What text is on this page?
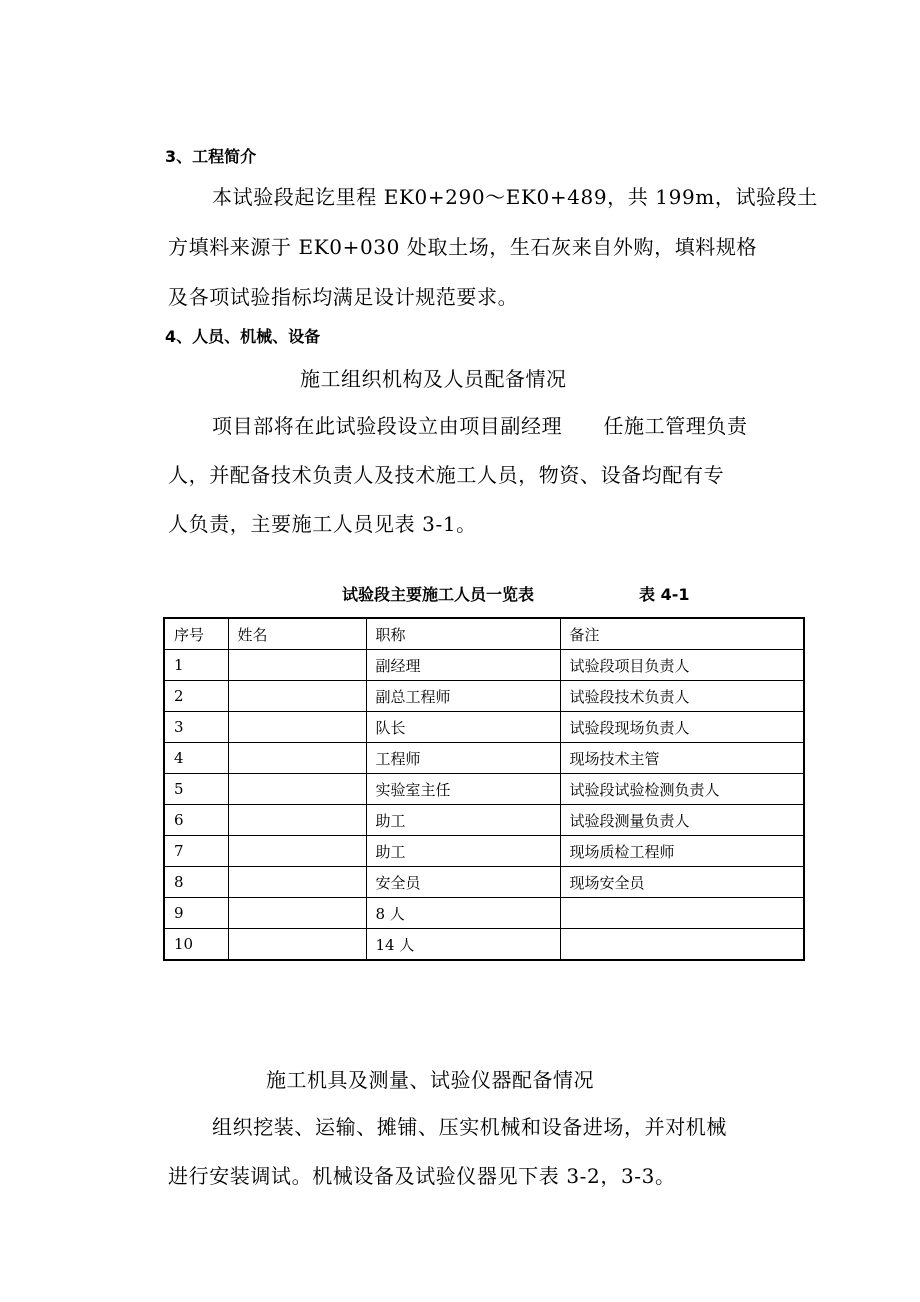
3、工程简介
本试验段起讫里程 EK0+290～EK0+489，共 199m，试验段土
方填料来源于 EK0+030 处取土场，生石灰来自外购，填料规格
及各项试验指标均满足设计规范要求。
4、人员、机械、设备
施工组织机构及人员配备情况
项目部将在此试验段设立由项目副经理　　任施工管理负责
人，并配备技术负责人及技术施工人员，物资、设备均配有专
人负责，主要施工人员见表 3-1。
试验段主要施工人员一览表	表 4-1
序号	姓名	职称	备注
1		副经理	试验段项目负责人
2		副总工程师	试验段技术负责人
3		队长	试验段现场负责人
4		工程师	现场技术主管
5		实验室主任	试验段试验检测负责人
6		助工	试验段测量负责人
7		助工	现场质检工程师
8		安全员	现场安全员
9		8 人	
10		14 人	
施工机具及测量、试验仪器配备情况
组织挖装、运输、摊铺、压实机械和设备进场，并对机械
进行安装调试。机械设备及试验仪器见下表 3-2，3-3。
